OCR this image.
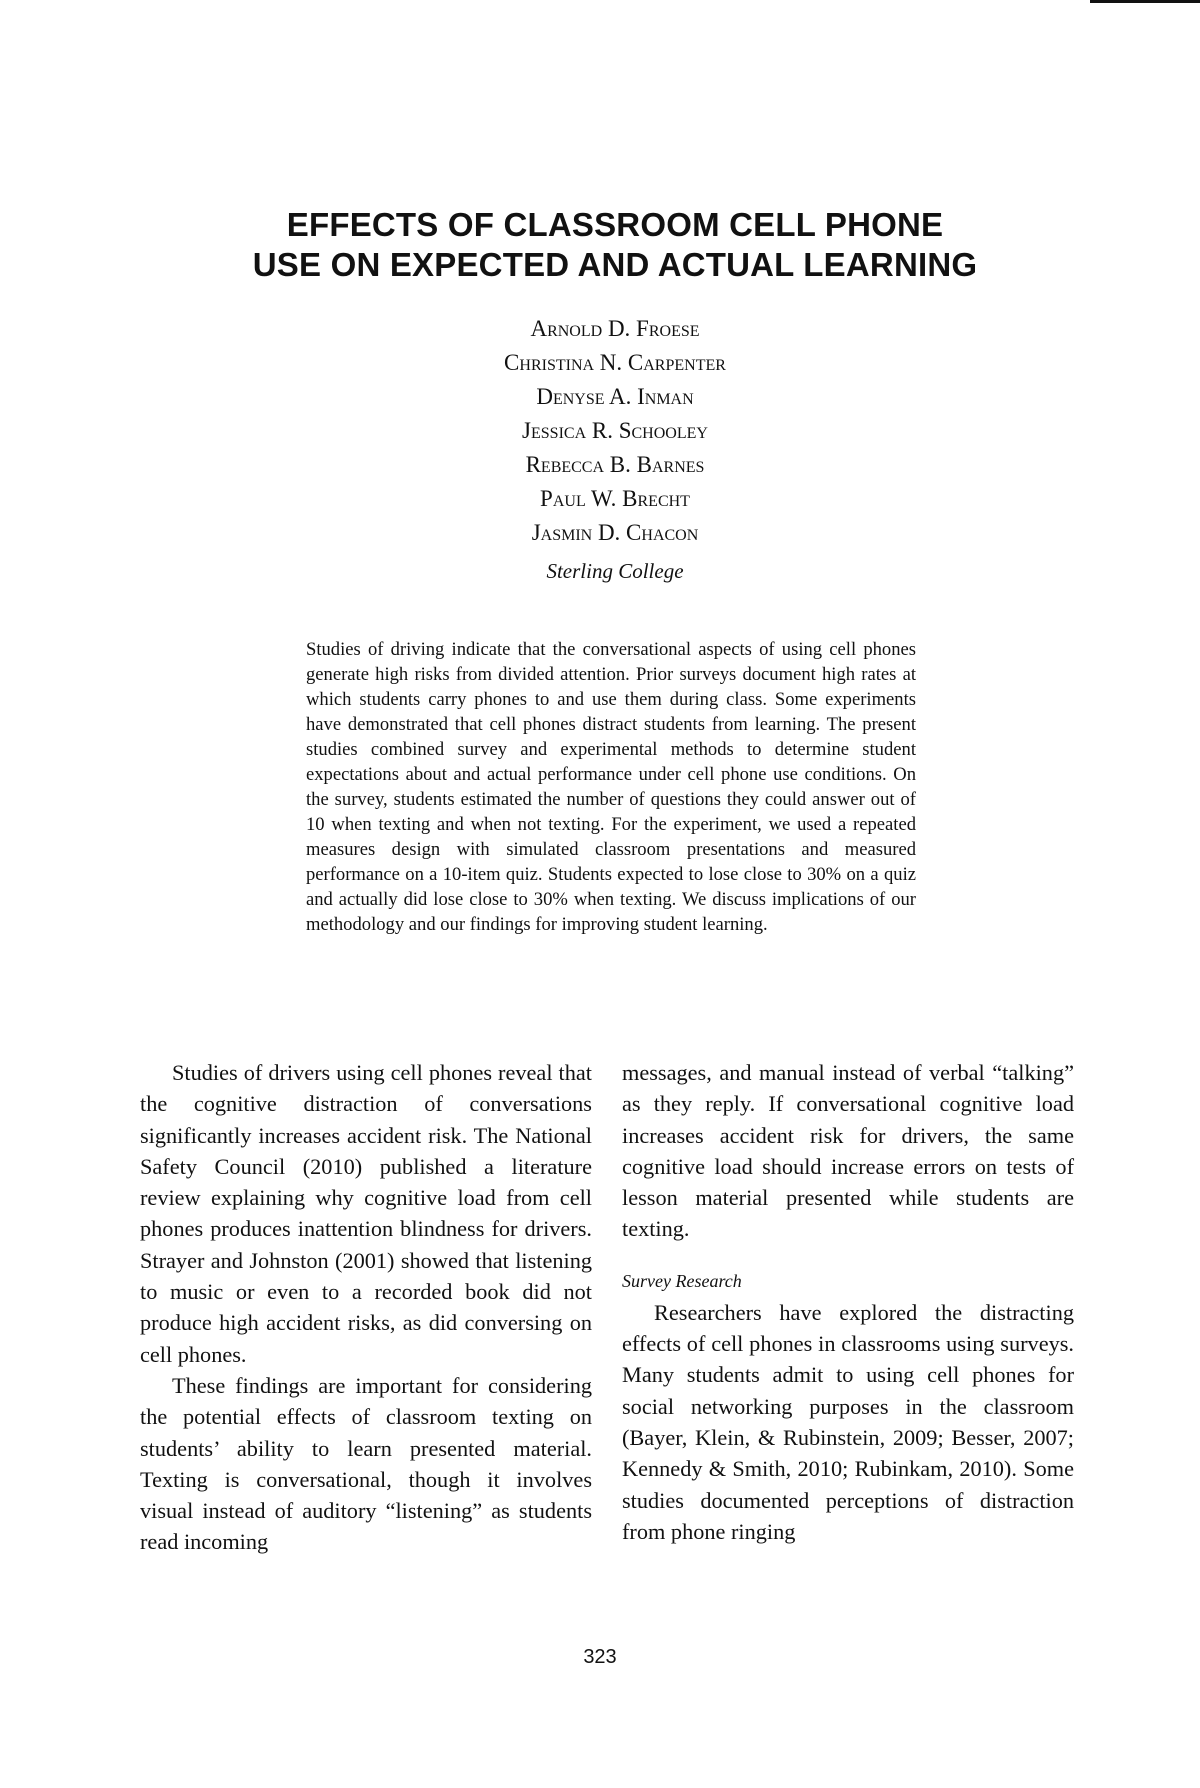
EFFECTS OF CLASSROOM CELL PHONE
USE ON EXPECTED AND ACTUAL LEARNING
Arnold D. Froese
Christina N. Carpenter
Denyse A. Inman
Jessica R. Schooley
Rebecca B. Barnes
Paul W. Brecht
Jasmin D. Chacon
Sterling College

Studies of driving indicate that the conversational aspects of using cell phones generate high risks from divided attention. Prior surveys document high rates at which students carry phones to and use them during class. Some experiments have demonstrated that cell phones distract students from learning. The present studies combined survey and experimental methods to determine student expectations about and actual performance under cell phone use conditions. On the survey, students estimated the number of questions they could answer out of 10 when texting and when not texting. For the experiment, we used a repeated measures design with simulated classroom presentations and measured performance on a 10-item quiz. Students expected to lose close to 30% on a quiz and actually did lose close to 30% when texting. We discuss implications of our methodology and our findings for improving student learning.

Studies of drivers using cell phones reveal that the cognitive distraction of conversations significantly increases accident risk. The National Safety Council (2010) published a literature review explaining why cognitive load from cell phones produces inattention blindness for drivers. Strayer and Johnston (2001) showed that listening to music or even to a recorded book did not produce high accident risks, as did conversing on cell phones.

These findings are important for considering the potential effects of classroom texting on students’ ability to learn presented material. Texting is conversational, though it involves visual instead of auditory “listening” as students read incoming

messages, and manual instead of verbal “talking” as they reply. If conversational cognitive load increases accident risk for drivers, the same cognitive load should increase errors on tests of lesson material presented while students are texting.

Survey Research

Researchers have explored the distracting effects of cell phones in classrooms using surveys. Many students admit to using cell phones for social networking purposes in the classroom (Bayer, Klein, & Rubinstein, 2009; Besser, 2007; Kennedy & Smith, 2010; Rubinkam, 2010). Some studies documented perceptions of distraction from phone ringing

323
